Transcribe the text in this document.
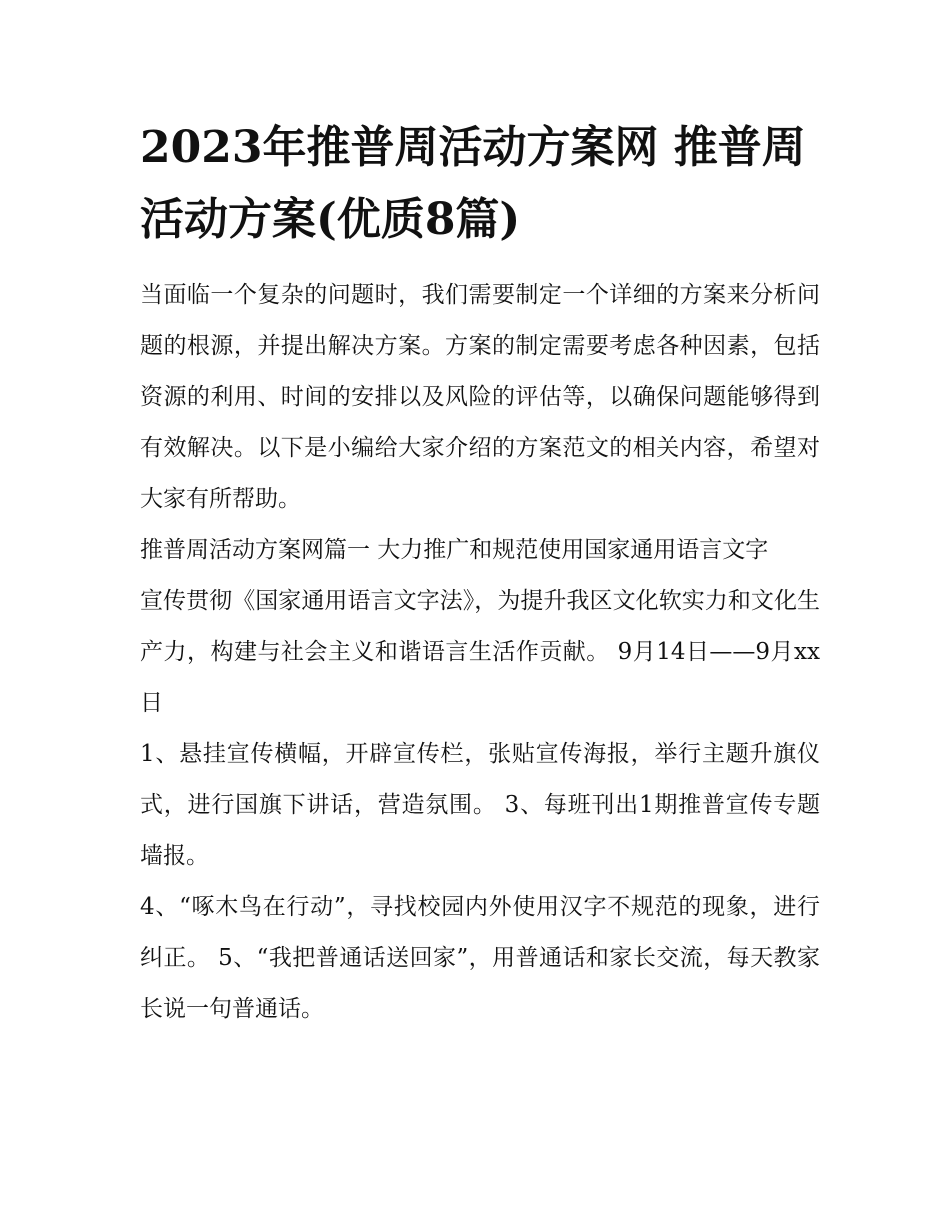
2023年推普周活动方案网 推普周活动方案(优质8篇)

当面临一个复杂的问题时，我们需要制定一个详细的方案来分析问题的根源，并提出解决方案。方案的制定需要考虑各种因素，包括资源的利用、时间的安排以及风险的评估等，以确保问题能够得到有效解决。以下是小编给大家介绍的方案范文的相关内容，希望对大家有所帮助。

推普周活动方案网篇一 大力推广和规范使用国家通用语言文字

宣传贯彻《国家通用语言文字法》，为提升我区文化软实力和文化生产力，构建与社会主义和谐语言生活作贡献。 9月14日——9月xx日

1、悬挂宣传横幅，开辟宣传栏，张贴宣传海报，举行主题升旗仪式，进行国旗下讲话，营造氛围。 3、每班刊出1期推普宣传专题墙报。

4、“啄木鸟在行动”，寻找校园内外使用汉字不规范的现象，进行纠正。 5、“我把普通话送回家”，用普通话和家长交流，每天教家长说一句普通话。
